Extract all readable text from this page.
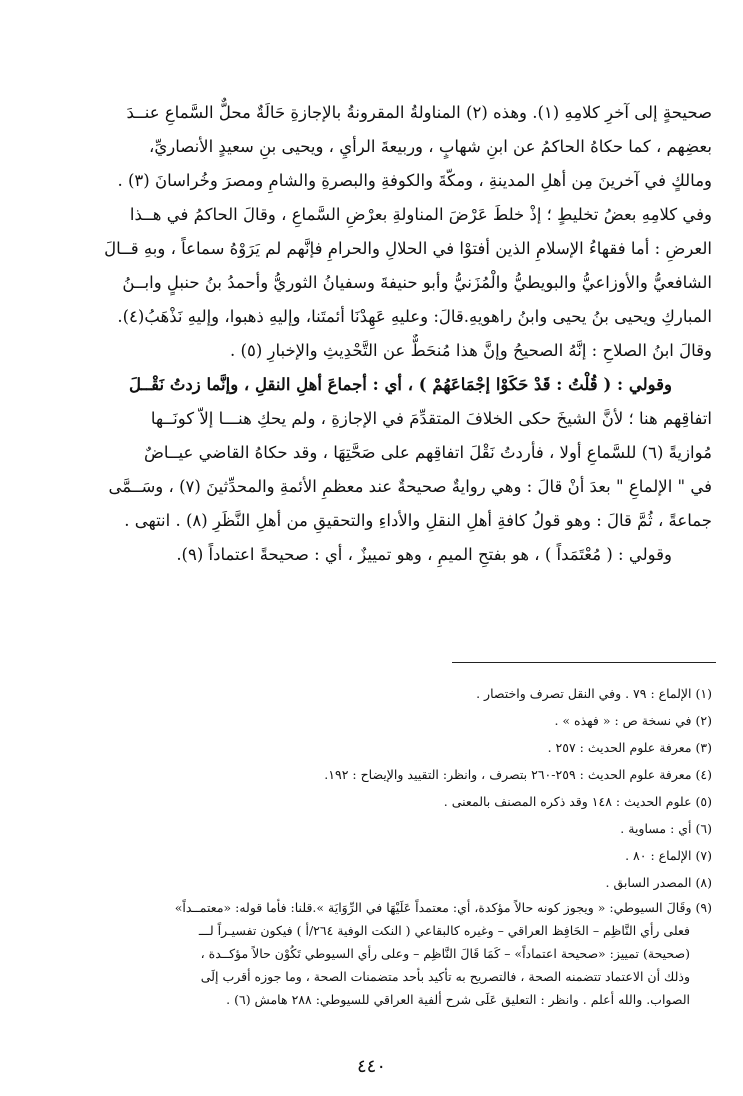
صحيحةٍ إلى آخرِ كلامِهِ (١). وهذه (٢) المناولةُ المقرونةُ بالإجازةِ حَالَةٌ محلٌّ السَّماعِ عنــدَ
بعضِهم ، كما حكاهُ الحاكمُ عن ابنِ شهابٍ ، وربيعةَ الرأيِ ، ويحيى بنِ سعيدٍ الأنصاريِّ،
ومالكٍ في آخرينَ مِن أهلِ المدينةِ ، ومكّةَ والكوفةِ والبصرةِ والشامِ ومصرَ وخُراسانَ (٣) .
وفي كلامِهِ بعضُ تخليطٍ ؛ إذْ خلطَ عَرْضَ المناولةِ بعرْضِ السَّماعِ ، وقالَ الحاكمُ في هــذا
العرضِ : أما فقهاءُ الإسلامِ الذين أفتوْا في الحلالِ والحرامِ فإنَّهم لم يَرَوْهُ سماعاً ، وبهِ قــالَ
الشافعيُّ والأوزاعيُّ والبويطيُّ والْمُزَنيُّ وأبو حنيفةَ وسفيانُ الثوريُّ وأحمدُ بنُ حنبلٍ وابــنُ
المباركِ ويحيى بنُ يحيى وابنُ راهويهِ.قالَ: وعليهِ عَهِدْنَا أئمتَنا، وإليهِ ذهبوا، وإليهِ نَذْهَبُ(٤).
وقالَ ابنُ الصلاحِ : إنَّهُ الصحيحُ وإنَّ هذا مُنحَطٌّ عن التَّحْدِيثِ والإخبارِ (٥) .
وقولي : ( قُلْتُ : قَدْ حَكَوْا إجْمَاعَهُمْ ) ، أي : أجماعَ أهلِ النقلِ ، وإنَّما زدتُ نَقْــلَ
اتفاقِهم هنا ؛ لأنَّ الشيخَ حكى الخلافَ المتقدِّمَ في الإجازةِ ، ولم يحكِ هنـــا إلاّ كونَــها
مُوازيةً (٦) للسَّماعِ أولا ، فأردتُ نَقْلَ اتفاقِهم على صَحَّتِهَا ، وقد حكاهُ القاضي عيــاضٌ
في " الإلماعِ " بعدَ أنْ قالَ : وهي روايةٌ صحيحةٌ عند معظمِ الأئمةِ والمحدِّثينَ (٧) ، وسَــمَّى
جماعةً ، ثُمَّ قالَ : وهو قولُ كافةِ أهلِ النقلِ والأداءِ والتحقيقِ من أهلِ النَّظَرِ (٨) . انتهى .
وقولي : ( مُعْتَمَداً ) ، هو بفتحِ الميمِ ، وهو تمييزٌ ، أي : صحيحةً اعتماداً (٩).
(١) الإلماع : ٧٩ . وفي النقل تصرف واختصار .
(٢) في نسخة ص : « فهذه » .
(٣) معرفة علوم الحديث : ٢٥٧ .
(٤) معرفة علوم الحديث : ٢٥٩-٢٦٠ بتصرف ، وانظر: التقييد والإيضاح : ١٩٢.
(٥) علوم الحديث : ١٤٨ وقد ذكره المصنف بالمعنى .
(٦) أي : مساوية .
(٧) الإلماع : ٨٠ .
(٨) المصدر السابق .
(٩) وقَالَ السيوطي: « ويجوز كونه حالاً مؤكدة، أي: معتمداً عَلَيْهَا في الرِّوَايَة ».قلنا: فأما قوله: «معتمــداً»
فعلى رأي النَّاظِم – الحَافِظ العراقي – وغيره كالبقاعي ( النكت الوفية ٢٦٤/أ ) فيكون تفسيـراً لـــ
(صحيحة) تمييز: «صحيحة اعتماداً» – كَمَا قَالَ النَّاظِم – وعلى رأي السيوطي تَكُوْن حالاً مؤكــدة ،
وذلك أن الاعتماد تتضمنه الصحة ، فالتصريح به تأكيد بأحد متضمنات الصحة ، وما جوزه أقرب إلَى
الصواب. والله أعلم . وانظر : التعليق عَلَى شرح ألفية العراقي للسيوطي: ٢٨٨ هامش (٦) .
٤٤٠
